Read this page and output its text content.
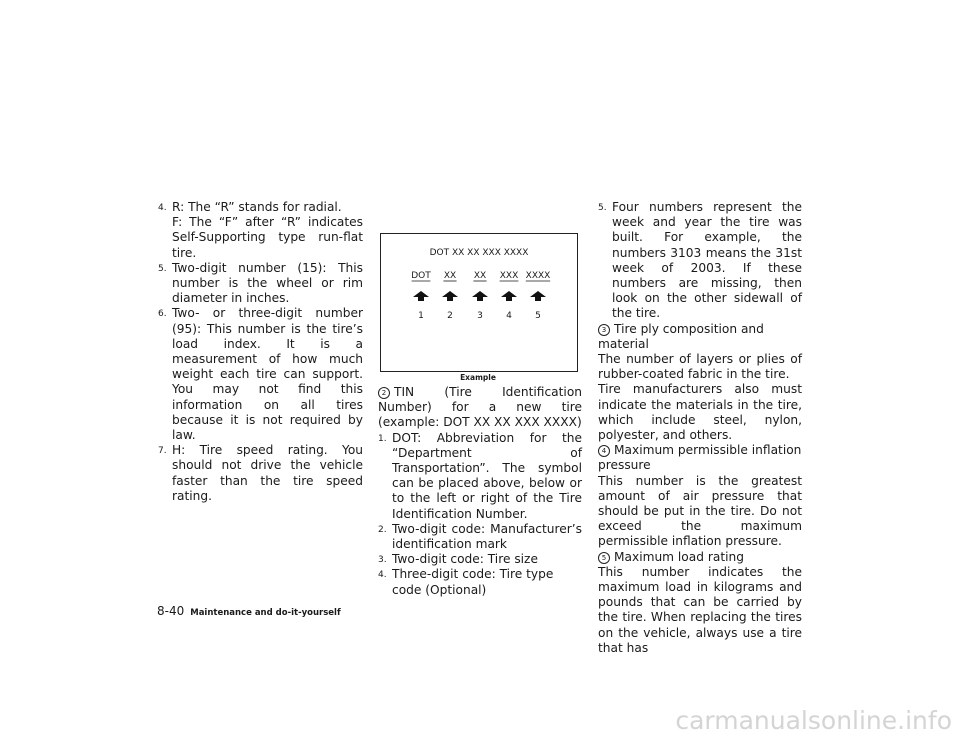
4. R: The “R” stands for radial.

F: The “F” after “R” indicates Self-Supporting type run-flat tire.

5. Two-digit number (15): This number is the wheel or rim diameter in inches.

6. Two- or three-digit number (95): This number is the tire’s load index. It is a measurement of how much weight each tire can support. You may not find this information on all tires because it is not required by law.

7. H: Tire speed rating. You should not drive the vehicle faster than the tire speed rating.

DOT XX XX XXX XXXX
DOT
1
XX
2
XX
3
XXX
4
XXXX
5
Example

2 TIN (Tire Identification Number) for a new tire (example: DOT XX XX XXX XXXX)

1. DOT: Abbreviation for the “Department of Transportation”. The symbol can be placed above, below or to the left or right of the Tire Identification Number.

2. Two-digit code: Manufacturer’s identification mark

3. Two-digit code: Tire size

4. Three-digit code: Tire type code (Optional)

5. Four numbers represent the week and year the tire was built. For example, the numbers 3103 means the 31st week of 2003. If these numbers are missing, then look on the other sidewall of the tire.

3 Tire ply composition and material

The number of layers or plies of rubber-coated fabric in the tire.

Tire manufacturers also must indicate the materials in the tire, which include steel, nylon, polyester, and others.

4 Maximum permissible inflation pressure

This number is the greatest amount of air pressure that should be put in the tire. Do not exceed the maximum permissible inflation pressure.

5 Maximum load rating

This number indicates the maximum load in kilograms and pounds that can be carried by the tire. When replacing the tires on the vehicle, always use a tire that has

8-40 Maintenance and do-it-yourself
carmanualsonline.info
